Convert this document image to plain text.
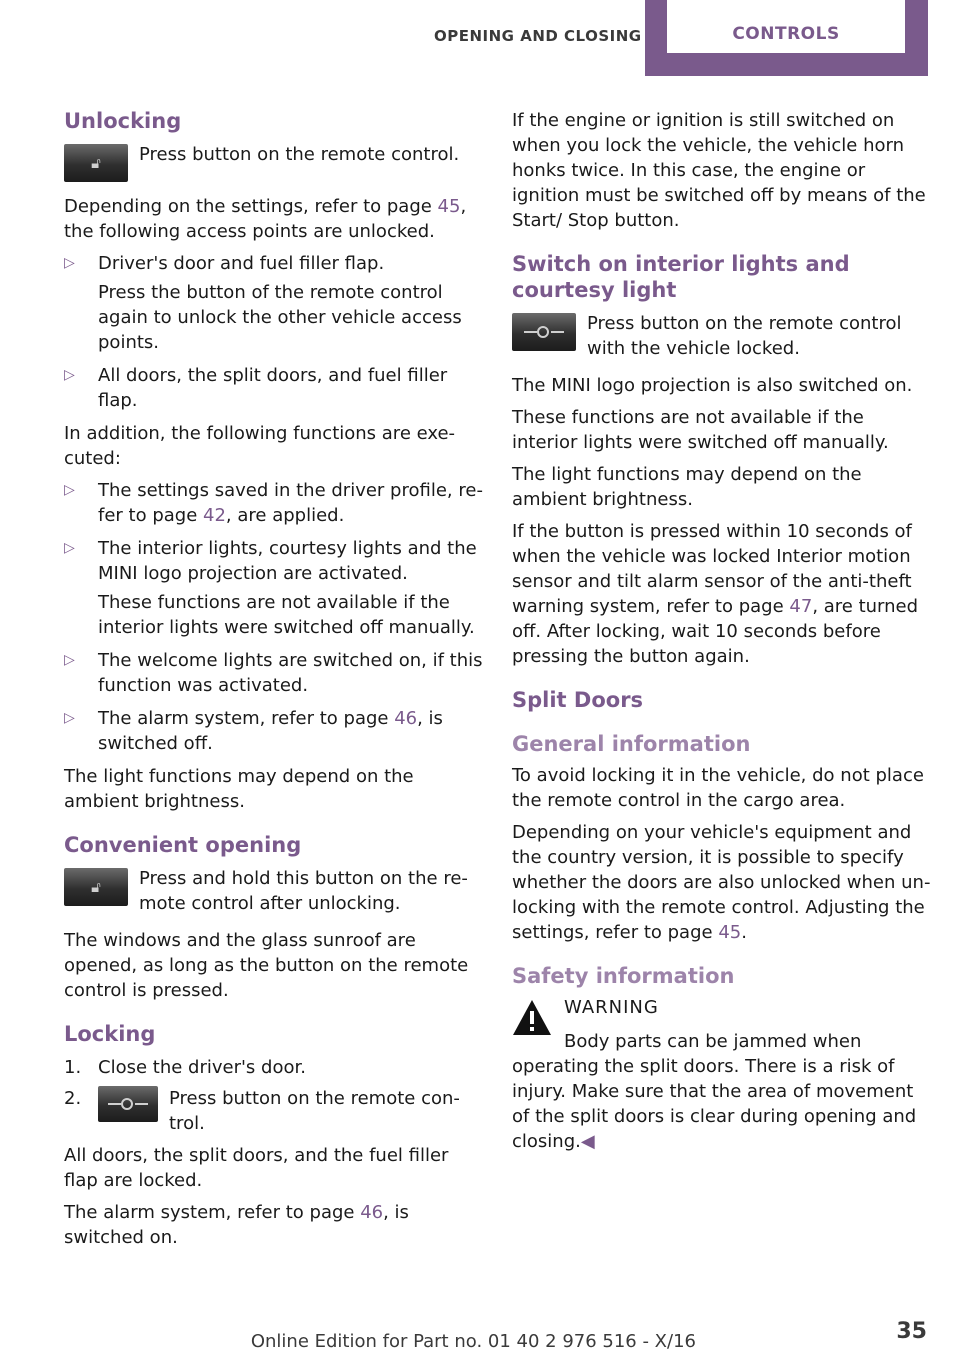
OPENING AND CLOSING	CONTROLS
Unlocking
🔓︎ Press button on the remote control.

Depending on the settings, refer to page 45, the following access points are unlocked.

▷ Driver's door and fuel filler flap.

Press the button of the remote control again to unlock the other vehicle access points.

▷ All doors, the split doors, and fuel filler flap.

In addition, the following functions are executed:

▷ The settings saved in the driver profile, refer to page 42, are applied.
▷ The interior lights, courtesy lights and the MINI logo projection are activated.

These functions are not available if the interior lights were switched off manually.

▷ The welcome lights are switched on, if this function was activated.
▷ The alarm system, refer to page 46, is switched off.

The light functions may depend on the ambient brightness.

Convenient opening
🔓︎ Press and hold this button on the remote control after unlocking.

The windows and the glass sunroof are opened, as long as the button on the remote control is pressed.

Locking
1. Close the driver's door.
2.	Press button on the remote control.

All doors, the split doors, and the fuel filler flap are locked.

The alarm system, refer to page 46, is switched on.

If the engine or ignition is still switched on when you lock the vehicle, the vehicle horn honks twice. In this case, the engine or ignition must be switched off by means of the Start/ Stop button.

Switch on interior lights and courtesy light
Press button on the remote control with the vehicle locked.

The MINI logo projection is also switched on.

These functions are not available if the interior lights were switched off manually.

The light functions may depend on the ambient brightness.

If the button is pressed within 10 seconds of when the vehicle was locked Interior motion sensor and tilt alarm sensor of the anti-theft warning system, refer to page 47, are turned off. After locking, wait 10 seconds before pressing the button again.

Split Doors
General information

To avoid locking it in the vehicle, do not place the remote control in the cargo area.

Depending on your vehicle's equipment and the country version, it is possible to specify whether the doors are also unlocked when unlocking with the remote control. Adjusting the settings, refer to page 45.

Safety information
WARNING

Body parts can be jammed when operating the split doors. There is a risk of injury. Make sure that the area of movement of the split doors is clear during opening and closing.◀

Online Edition for Part no. 01 40 2 976 516 - X/16	35
